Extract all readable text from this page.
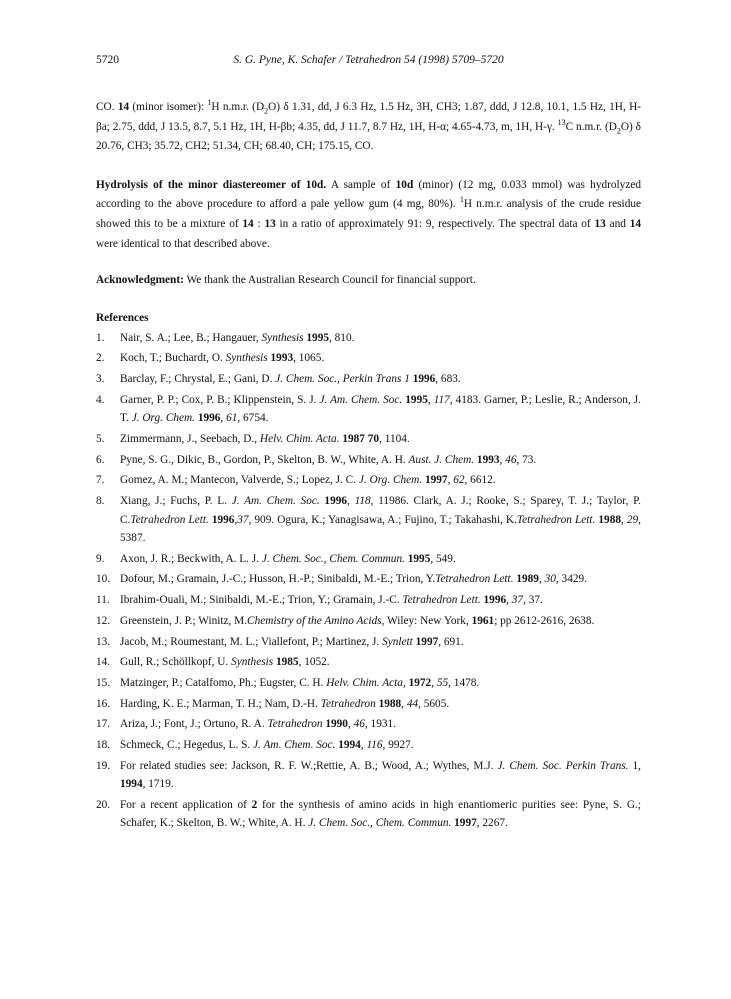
5720	S. G. Pyne, K. Schafer / Tetrahedron 54 (1998) 5709–5720

CO. 14 (minor isomer): $^1$H n.m.r. $(D_2O)$ δ 1.31, dd, J 6.3 Hz, 1.5 Hz, 3H, CH3; 1.87, ddd, J 12.8, 10.1, 1.5 Hz, 1H, H-βa; 2.75, ddd, J 13.5, 8.7, 5.1 Hz, 1H, H-βb; 4.35, dd, J 11.7, 8.7 Hz, 1H, H-α; 4.65-4.73, m, 1H, H-γ. $^{13}$C n.m.r. $(D_2O)$ δ 20.76, CH3; 35.72, CH2; 51.34, CH; 68.40, CH; 175.15, CO.

Hydrolysis of the minor diastereomer of 10d. A sample of 10d (minor) (12 mg, 0.033 mmol) was hydrolyzed according to the above procedure to afford a pale yellow gum (4 mg, 80%). $^1$H n.m.r. analysis of the crude residue showed this to be a mixture of 14 : 13 in a ratio of approximately 91: 9, respectively. The spectral data of 13 and 14 were identical to that described above.

Acknowledgment: We thank the Australian Research Council for financial support.

References

1.	Nair, S. A.; Lee, B.; Hangauer, Synthesis 1995, 810.
2.	Koch, T.; Buchardt, O. Synthesis 1993, 1065.
3.	Barclay, F.; Chrystal, E.; Gani, D. J. Chem. Soc., Perkin Trans 1 1996, 683.
4.	Garner, P. P.; Cox, P. B.; Klippenstein, S. J. J. Am. Chem. Soc. 1995, 117, 4183. Garner, P.; Leslie, R.; Anderson, J. T. J. Org. Chem. 1996, 61, 6754.
5.	Zimmermann, J., Seebach, D., Helv. Chim. Acta. 1987 70, 1104.
6.	Pyne, S. G., Dikic, B., Gordon, P., Skelton, B. W., White, A. H. Aust. J. Chem. 1993, 46, 73.
7.	Gomez, A. M.; Mantecon, Valverde, S.; Lopez, J. C. J. Org. Chem. 1997, 62, 6612.
8.	Xiang, J.; Fuchs, P. L. J. Am. Chem. Soc. 1996, 118, 11986. Clark, A. J.; Rooke, S.; Sparey, T. J.; Taylor, P. C.Tetrahedron Lett. 1996,37, 909. Ogura, K.; Yanagisawa, A.; Fujino, T.; Takahashi, K.Tetrahedron Lett. 1988, 29, 5387.
9.	Axon, J. R.; Beckwith, A. L. J. J. Chem. Soc., Chem. Commun. 1995, 549.
10. Dofour, M.; Gramain, J.-C.; Husson, H.-P.; Sinibaldi, M.-E.; Trion, Y.Tetrahedron Lett. 1989, 30, 3429.
11. Ibrahim-Ouali, M.; Sinibaldi, M.-E.; Trion, Y.; Gramain, J.-C. Tetrahedron Lett. 1996, 37, 37.
12. Greenstein, J. P.; Winitz, M.Chemistry of the Amino Acids, Wiley: New York, 1961; pp 2612-2616, 2638.
13. Jacob, M.; Roumestant, M. L.; Viallefont, P.; Martinez, J. Synlett 1997, 691.
14. Gull, R.; Schöllkopf, U. Synthesis 1985, 1052.
15. Matzinger, P.; Catalfomo, Ph.; Eugster, C. H. Helv. Chim. Acta, 1972, 55, 1478.
16. Harding, K. E.; Marman, T. H.; Nam, D.-H. Tetrahedron 1988, 44, 5605.
17. Ariza, J.; Font, J.; Ortuno, R. A. Tetrahedron 1990, 46, 1931.
18. Schmeck, C.; Hegedus, L. S. J. Am. Chem. Soc. 1994, 116, 9927.
19. For related studies see: Jackson, R. F. W.;Rettie, A. B.; Wood, A.; Wythes, M.J. J. Chem. Soc. Perkin Trans. 1, 1994, 1719.
20. For a recent application of 2 for the synthesis of amino acids in high enantiomeric purities see: Pyne, S. G.; Schafer, K.; Skelton, B. W.; White, A. H. J. Chem. Soc., Chem. Commun. 1997, 2267.
